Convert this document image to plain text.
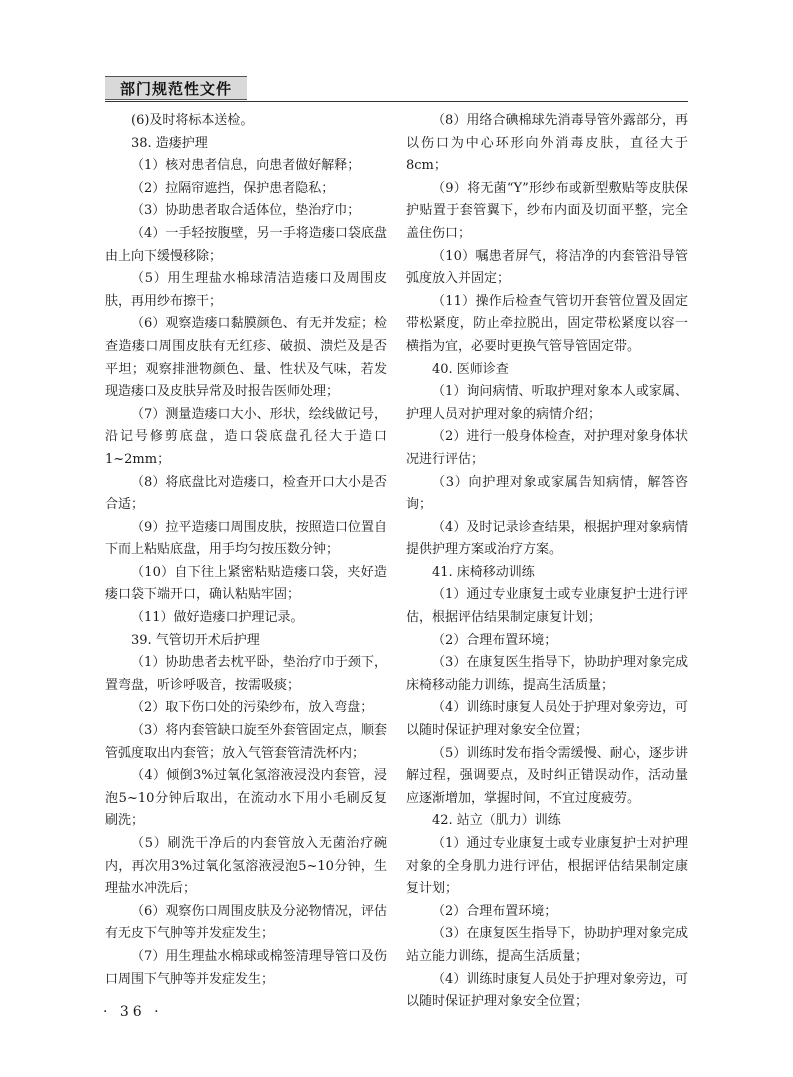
部门规范性文件

(6)及时将标本送检。

38. 造瘘护理

（1）核对患者信息，向患者做好解释；

（2）拉隔帘遮挡，保护患者隐私；

（3）协助患者取合适体位，垫治疗巾；

（4）一手轻按腹壁，另一手将造瘘口袋底盘由上向下缓慢移除；

（5）用生理盐水棉球清洁造瘘口及周围皮肤，再用纱布擦干；

（6）观察造瘘口黏膜颜色、有无并发症；检查造瘘口周围皮肤有无红疹、破损、溃烂及是否平坦；观察排泄物颜色、量、性状及气味，若发现造瘘口及皮肤异常及时报告医师处理；

（7）测量造瘘口大小、形状，绘线做记号，沿记号修剪底盘，造口袋底盘孔径大于造口1~2mm；

（8）将底盘比对造瘘口，检查开口大小是否合适；

（9）拉平造瘘口周围皮肤，按照造口位置自下而上粘贴底盘，用手均匀按压数分钟；

（10）自下往上紧密粘贴造瘘口袋，夹好造瘘口袋下端开口，确认粘贴牢固；

（11）做好造瘘口护理记录。

39. 气管切开术后护理

（1）协助患者去枕平卧，垫治疗巾于颈下，置弯盘，听诊呼吸音，按需吸痰；

（2）取下伤口处的污染纱布，放入弯盘；

（3）将内套管缺口旋至外套管固定点，顺套管弧度取出内套管；放入气管套管清洗杯内；

（4）倾倒3%过氧化氢溶液浸没内套管，浸泡5~10分钟后取出，在流动水下用小毛刷反复刷洗；

（5）刷洗干净后的内套管放入无菌治疗碗内，再次用3%过氧化氢溶液浸泡5~10分钟，生理盐水冲洗后；

（6）观察伤口周围皮肤及分泌物情况，评估有无皮下气肿等并发症发生；

（7）用生理盐水棉球或棉签清理导管口及伤口周围下气肿等并发症发生；

（8）用络合碘棉球先消毒导管外露部分，再以伤口为中心环形向外消毒皮肤，直径大于8cm；

（9）将无菌“Y”形纱布或新型敷贴等皮肤保护贴置于套管翼下，纱布内面及切面平整，完全盖住伤口；

（10）嘱患者屏气，将洁净的内套管沿导管弧度放入并固定；

（11）操作后检查气管切开套管位置及固定带松紧度，防止牵拉脱出，固定带松紧度以容一横指为宜，必要时更换气管导管固定带。

40. 医师诊查

（1）询问病情、听取护理对象本人或家属、护理人员对护理对象的病情介绍；

（2）进行一般身体检查，对护理对象身体状况进行评估；

（3）向护理对象或家属告知病情，解答咨询；

（4）及时记录诊查结果，根据护理对象病情提供护理方案或治疗方案。

41. 床椅移动训练

（1）通过专业康复士或专业康复护士进行评估，根据评估结果制定康复计划；

（2）合理布置环境；

（3）在康复医生指导下，协助护理对象完成床椅移动能力训练，提高生活质量；

（4）训练时康复人员处于护理对象旁边，可以随时保证护理对象安全位置；

（5）训练时发布指令需缓慢、耐心，逐步讲解过程，强调要点，及时纠正错误动作，活动量应逐渐增加，掌握时间，不宜过度疲劳。

42. 站立（肌力）训练

（1）通过专业康复士或专业康复护士对护理对象的全身肌力进行评估，根据评估结果制定康复计划；

（2）合理布置环境；

（3）在康复医生指导下，协助护理对象完成站立能力训练，提高生活质量；

（4）训练时康复人员处于护理对象旁边，可以随时保证护理对象安全位置；

· 36 ·
